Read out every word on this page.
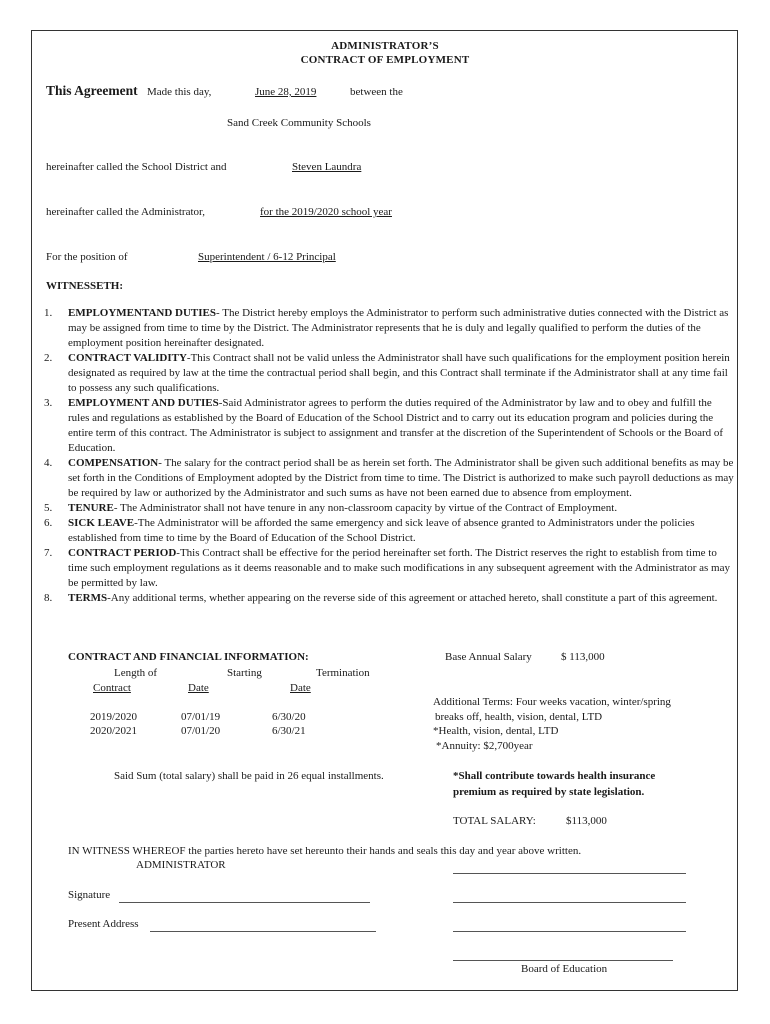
ADMINISTRATOR’S
CONTRACT OF EMPLOYMENT
This Agreement Made this day,	June 28, 2019	between the
Sand Creek Community Schools
hereinafter called the School District and	Steven Laundra
hereinafter called the Administrator,	for the 2019/2020 school year
For the position of	Superintendent / 6-12 Principal
WITNESSETH:
1. EMPLOYMENTAND DUTIES- The District hereby employs the Administrator to perform such administrative duties connected with the District as may be assigned from time to time by the District. The Administrator represents that he is duly and legally qualified to perform the duties of the employment position hereinafter designated.
2. CONTRACT VALIDITY-This Contract shall not be valid unless the Administrator shall have such qualifications for the employment position herein designated as required by law at the time the contractual period shall begin, and this Contract shall terminate if the Administrator shall at any time fail to possess any such qualifications.
3. EMPLOYMENT AND DUTIES-Said Administrator agrees to perform the duties required of the Administrator by law and to obey and fulfill the rules and regulations as established by the Board of Education of the School District and to carry out its education program and policies during the entire term of this contract. The Administrator is subject to assignment and transfer at the discretion of the Superintendent of Schools or the Board of Education.
4. COMPENSATION- The salary for the contract period shall be as herein set forth. The Administrator shall be given such additional benefits as may be set forth in the Conditions of Employment adopted by the District from time to time. The District is authorized to make such payroll deductions as may be required by law or authorized by the Administrator and such sums as have not been earned due to absence from employment.
5. TENURE- The Administrator shall not have tenure in any non-classroom capacity by virtue of the Contract of Employment.
6. SICK LEAVE-The Administrator will be afforded the same emergency and sick leave of absence granted to Administrators under the policies established from time to time by the Board of Education of the School District.
7. CONTRACT PERIOD-This Contract shall be effective for the period hereinafter set forth. The District reserves the right to establish from time to time such employment regulations as it deems reasonable and to make such modifications in any subsequent agreement with the Administrator as may be permitted by law.
8. TERMS-Any additional terms, whether appearing on the reverse side of this agreement or attached hereto, shall constitute a part of this agreement.
CONTRACT AND FINANCIAL INFORMATION:	Base Annual Salary	$ 113,000
Length of	Starting	Termination
Contract	Date	Date
Additional Terms: Four weeks vacation, winter/spring
2019/2020	07/01/19	6/30/20	breaks off, health, vision, dental, LTD
2020/2021	07/01/20	6/30/21	*Health, vision, dental, LTD
*Annuity: $2,700year
Said Sum (total salary) shall be paid in 26 equal installments.	*Shall contribute towards health insurance
premium as required by state legislation.
TOTAL SALARY:	$113,000
IN WITNESS WHEREOF the parties hereto have set hereunto their hands and seals this day and year above written.
ADMINISTRATOR
Signature
Present Address
Board of Education
